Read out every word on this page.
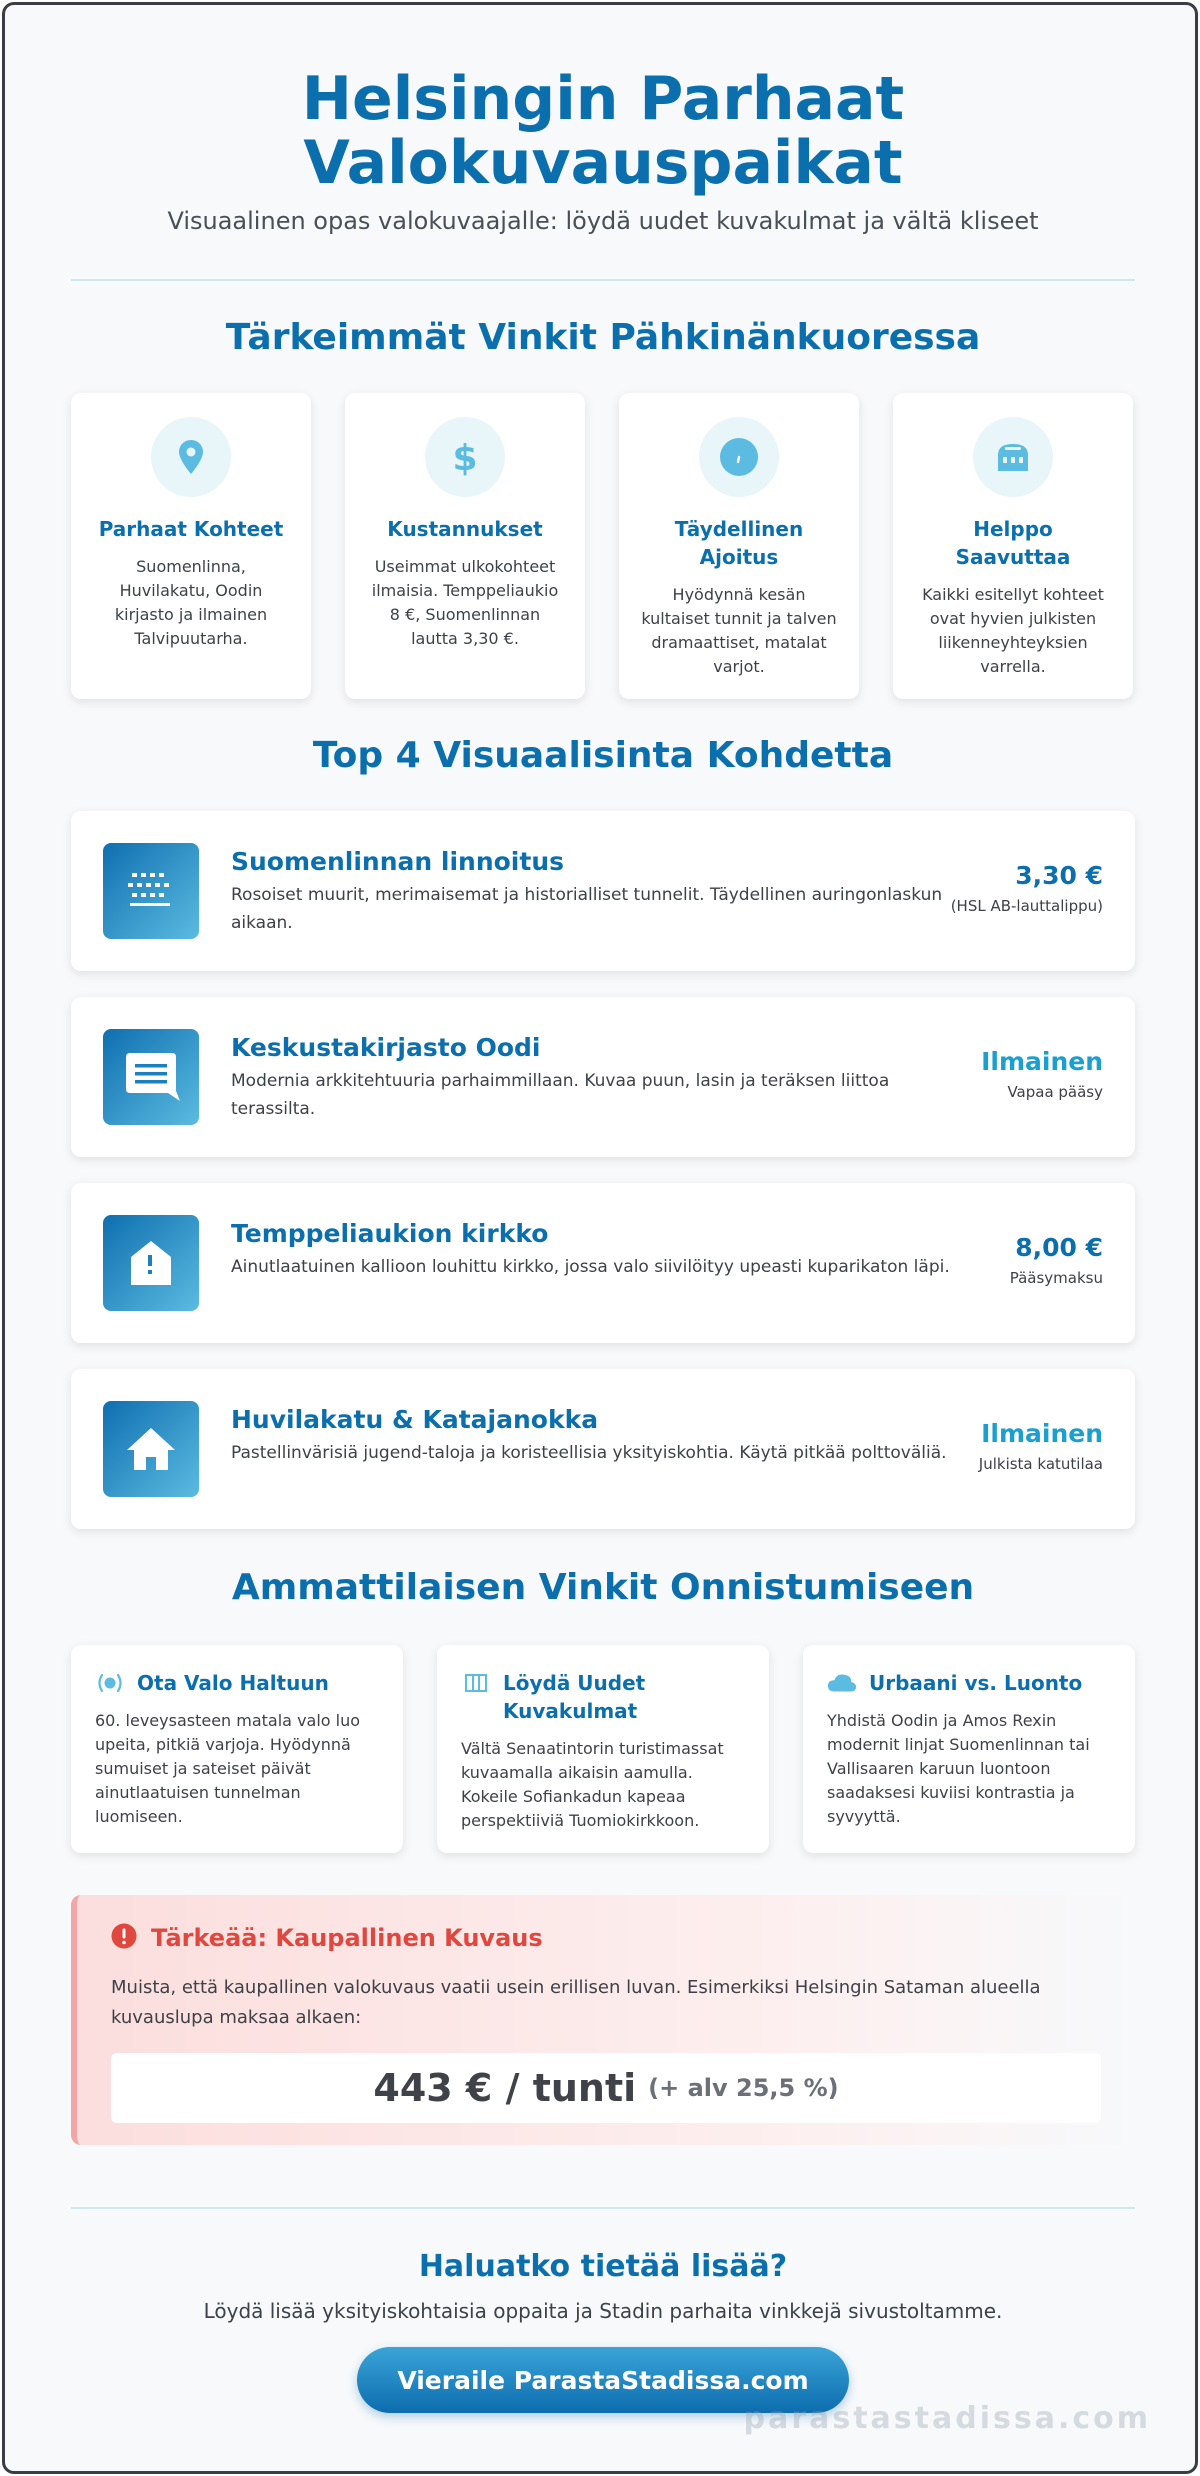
Helsingin Parhaat
Valokuvauspaikat

Visuaalinen opas valokuvaajalle: löydä uudet kuvakulmat ja vältä kliseet

Tärkeimmät Vinkit Pähkinänkuoressa
Parhaat Kohteet
Suomenlinna, Huvilakatu, Oodin kirjasto ja ilmainen Talvipuutarha.
$
Kustannukset
Useimmat ulkokohteet ilmaisia. Temppeliaukio 8 €, Suomenlinnan lautta 3,30 €.
Täydellinen Ajoitus
Hyödynnä kesän kultaiset tunnit ja talven dramaattiset, matalat varjot.
Helppo Saavuttaa
Kaikki esitellyt kohteet ovat hyvien julkisten liikenneyhteyksien varrella.
Top 4 Visuaalisinta Kohdetta
Suomenlinnan linnoitus
Rosoiset muurit, merimaisemat ja historialliset tunnelit. Täydellinen auringonlaskun aikaan.
3,30 €
(HSL AB-lauttalippu)
Keskustakirjasto Oodi
Modernia arkkitehtuuria parhaimmillaan. Kuvaa puun, lasin ja teräksen liittoa terassilta.
Ilmainen
Vapaa pääsy
Temppeliaukion kirkko
Ainutlaatuinen kallioon louhittu kirkko, jossa valo siivilöityy upeasti kuparikaton läpi.
8,00 €
Pääsymaksu
Huvilakatu & Katajanokka
Pastellinvärisiä jugend-taloja ja koristeellisia yksityiskohtia. Käytä pitkää polttoväliä.
Ilmainen
Julkista katutilaa
Ammattilaisen Vinkit Onnistumiseen
Ota Valo Haltuun
60. leveysasteen matala valo luo upeita, pitkiä varjoja. Hyödynnä sumuiset ja sateiset päivät ainutlaatuisen tunnelman luomiseen.
Löydä Uudet Kuvakulmat
Vältä Senaatintorin turistimassat kuvaamalla aikaisin aamulla. Kokeile Sofiankadun kapeaa perspektiiviä Tuomiokirkkoon.
Urbaani vs. Luonto
Yhdistä Oodin ja Amos Rexin modernit linjat Suomenlinnan tai Vallisaaren karuun luontoon saadaksesi kuviisi kontrastia ja syvyyttä.
Tärkeää: Kaupallinen Kuvaus
Muista, että kaupallinen valokuvaus vaatii usein erillisen luvan. Esimerkiksi Helsingin Sataman alueella kuvauslupa maksaa alkaen:
443 € / tunti (+ alv 25,5 %)
Haluatko tietää lisää?

Löydä lisää yksityiskohtaisia oppaita ja Stadin parhaita vinkkejä sivustoltamme.

Vieraile ParastaStadissa.com
parastastadissa.com
